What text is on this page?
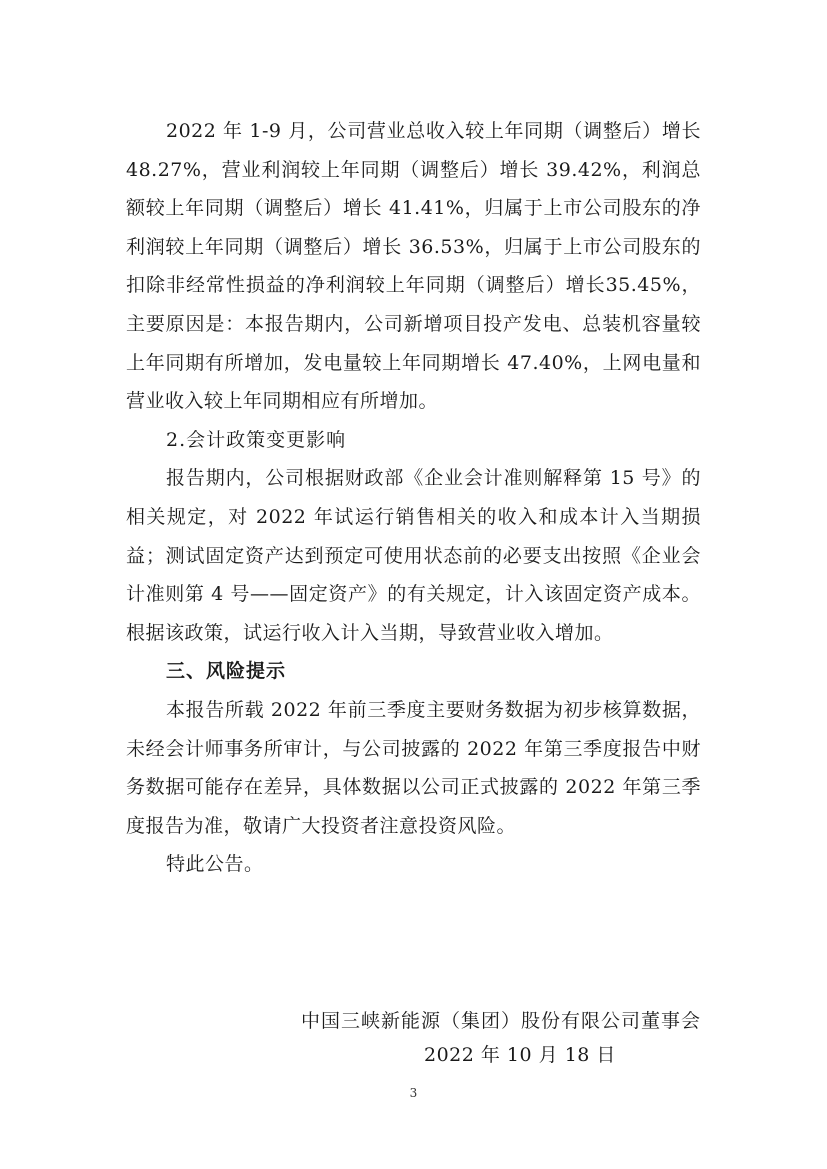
2022 年 1-9 月，公司营业总收入较上年同期（调整后）增长 48.27%，营业利润较上年同期（调整后）增长 39.42%，利润总额较上年同期（调整后）增长 41.41%，归属于上市公司股东的净利润较上年同期（调整后）增长 36.53%，归属于上市公司股东的扣除非经常性损益的净利润较上年同期（调整后）增长35.45%，主要原因是：本报告期内，公司新增项目投产发电、总装机容量较上年同期有所增加，发电量较上年同期增长 47.40%，上网电量和营业收入较上年同期相应有所增加。

2.会计政策变更影响

报告期内，公司根据财政部《企业会计准则解释第 15 号》的相关规定，对 2022 年试运行销售相关的收入和成本计入当期损益；测试固定资产达到预定可使用状态前的必要支出按照《企业会计准则第 4 号——固定资产》的有关规定，计入该固定资产成本。根据该政策，试运行收入计入当期，导致营业收入增加。

三、风险提示

本报告所载 2022 年前三季度主要财务数据为初步核算数据，未经会计师事务所审计，与公司披露的 2022 年第三季度报告中财务数据可能存在差异，具体数据以公司正式披露的 2022 年第三季度报告为准，敬请广大投资者注意投资风险。

特此公告。

中国三峡新能源（集团）股份有限公司董事会

2022 年 10 月 18 日

3
